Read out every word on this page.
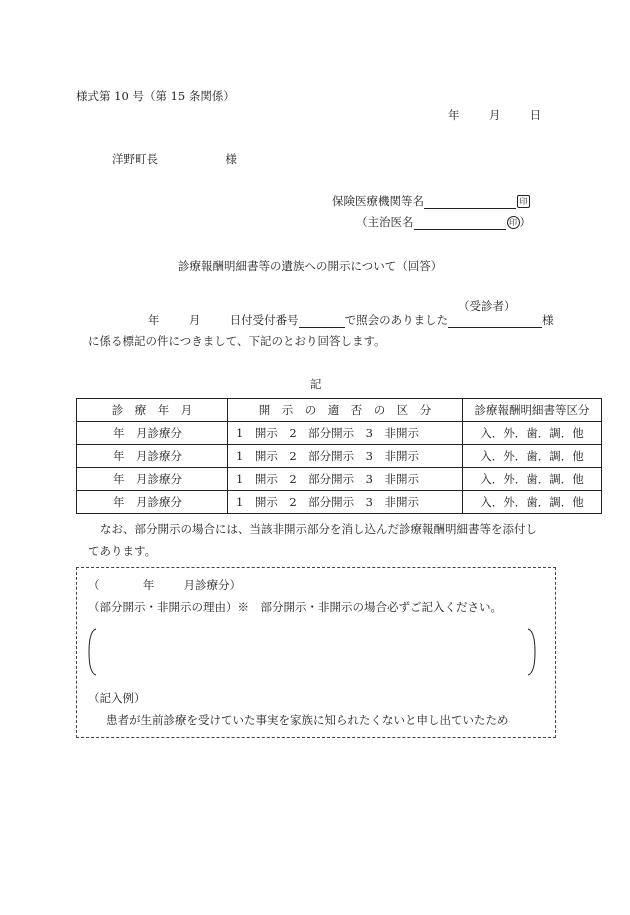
様式第 10 号（第 15 条関係）
年	月	日
洋野町長	様
保険医療機関等名	印
（主治医名	印 ）
診療報酬明細書等の遺族への開示について（回答）
（受診者）
年	月	日付受付番号	で照会のありました	様
に係る標記の件につきまして、下記のとおり回答します。
記
診　療　年　月	開　示　の　適　否　の　区　分	診療報酬明細書等区分
年　月診療分	1　開示　2　部分開示　3　非開示	入．外．歯．調．他
年　月診療分	1　開示　2　部分開示　3　非開示	入．外．歯．調．他
年　月診療分	1　開示　2　部分開示　3　非開示	入．外．歯．調．他
年　月診療分	1　開示　2　部分開示　3　非開示	入．外．歯．調．他
なお、部分開示の場合には、当該非開示部分を消し込んだ診療報酬明細書等を添付し
てあります。
（	年	月診療分）
（部分開示・非開示の理由）※　部分開示・非開示の場合必ずご記入ください。
（記入例）
患者が生前診療を受けていた事実を家族に知られたくないと申し出ていたため
